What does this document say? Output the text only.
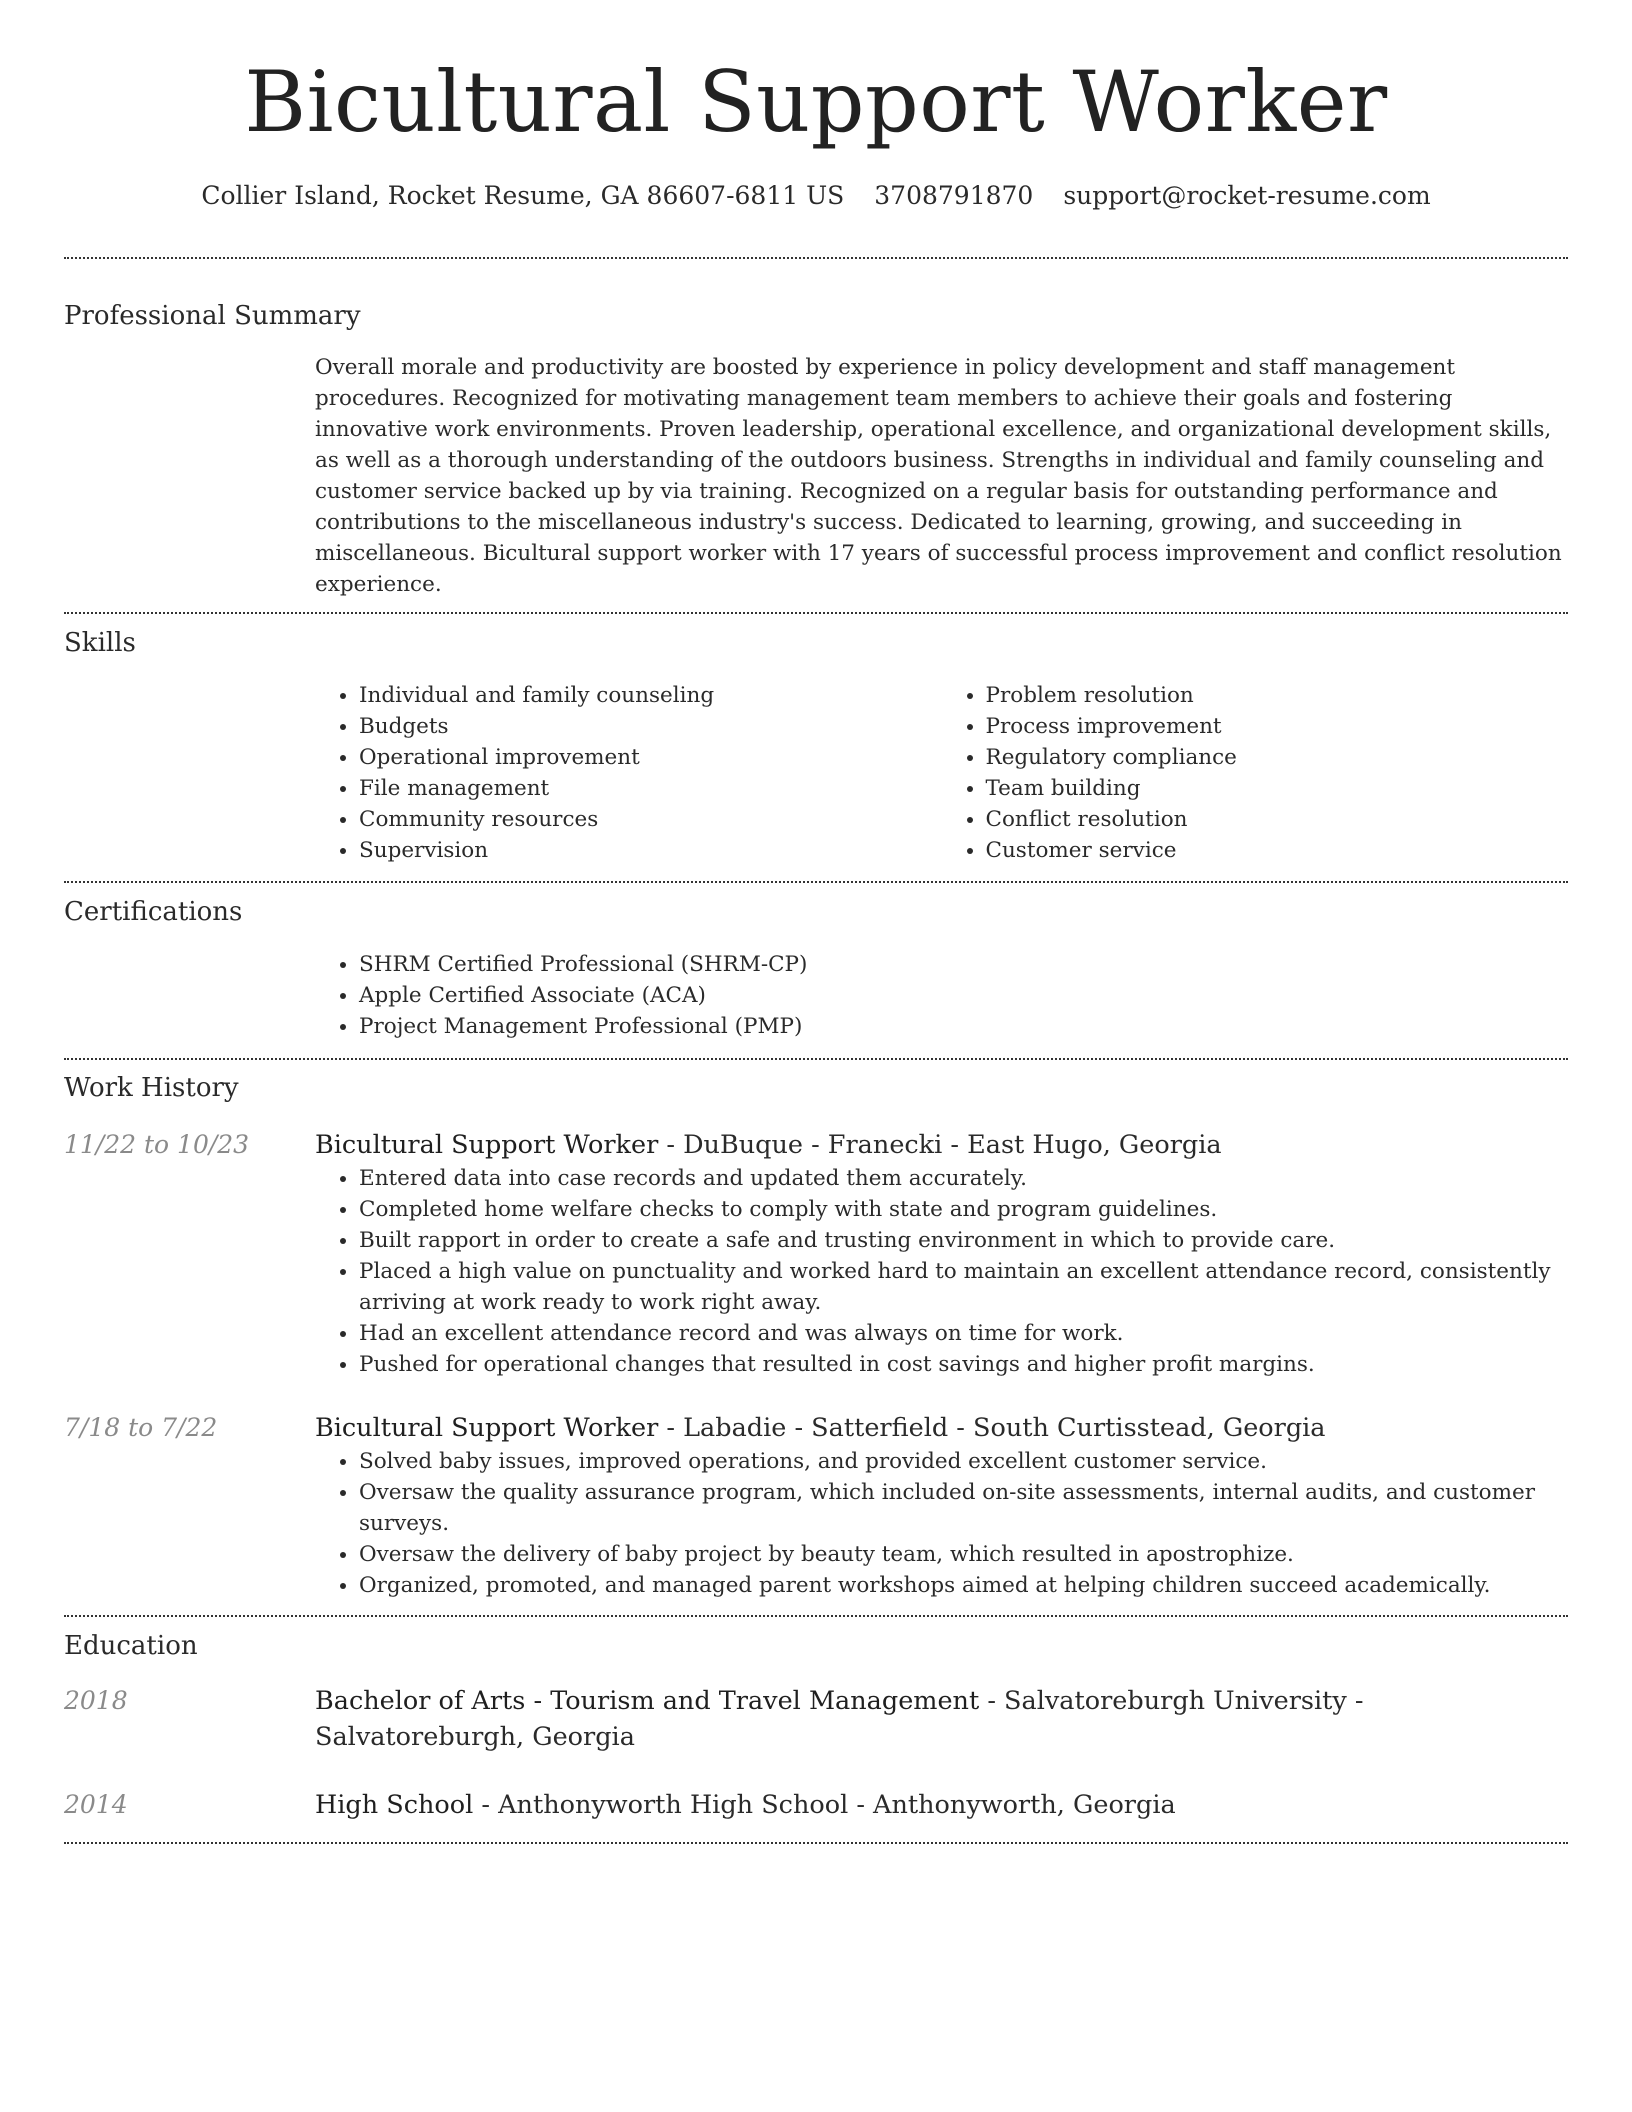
Bicultural Support Worker
Collier Island, Rocket Resume, GA 86607-6811 US 3708791870 support@rocket-resume.com
Professional Summary

Overall morale and productivity are boosted by experience in policy development and staff management procedures. Recognized for motivating management team members to achieve their goals and fostering innovative work environments. Proven leadership, operational excellence, and organizational development skills, as well as a thorough understanding of the outdoors business. Strengths in individual and family counseling and customer service backed up by via training. Recognized on a regular basis for outstanding performance and contributions to the miscellaneous industry's success. Dedicated to learning, growing, and succeeding in miscellaneous. Bicultural support worker with 17 years of successful process improvement and conflict resolution experience.

Skills
• Individual and family counseling
• Budgets
• Operational improvement
• File management
• Community resources
• Supervision
• Problem resolution
• Process improvement
• Regulatory compliance
• Team building
• Conflict resolution
• Customer service
Certifications
• SHRM Certified Professional (SHRM-CP)
• Apple Certified Associate (ACA)
• Project Management Professional (PMP)
Work History
11/22 to 10/23	Bicultural Support Worker - DuBuque - Franecki - East Hugo, Georgia
• Entered data into case records and updated them accurately.
• Completed home welfare checks to comply with state and program guidelines.
• Built rapport in order to create a safe and trusting environment in which to provide care.
• Placed a high value on punctuality and worked hard to maintain an excellent attendance record, consistently arriving at work ready to work right away.
• Had an excellent attendance record and was always on time for work.
• Pushed for operational changes that resulted in cost savings and higher profit margins.
7/18 to 7/22	Bicultural Support Worker - Labadie - Satterfield - South Curtisstead, Georgia
• Solved baby issues, improved operations, and provided excellent customer service.
• Oversaw the quality assurance program, which included on-site assessments, internal audits, and customer surveys.
• Oversaw the delivery of baby project by beauty team, which resulted in apostrophize.
• Organized, promoted, and managed parent workshops aimed at helping children succeed academically.
Education
2018	Bachelor of Arts - Tourism and Travel Management - Salvatoreburgh University - Salvatoreburgh, Georgia
2014	High School - Anthonyworth High School - Anthonyworth, Georgia
